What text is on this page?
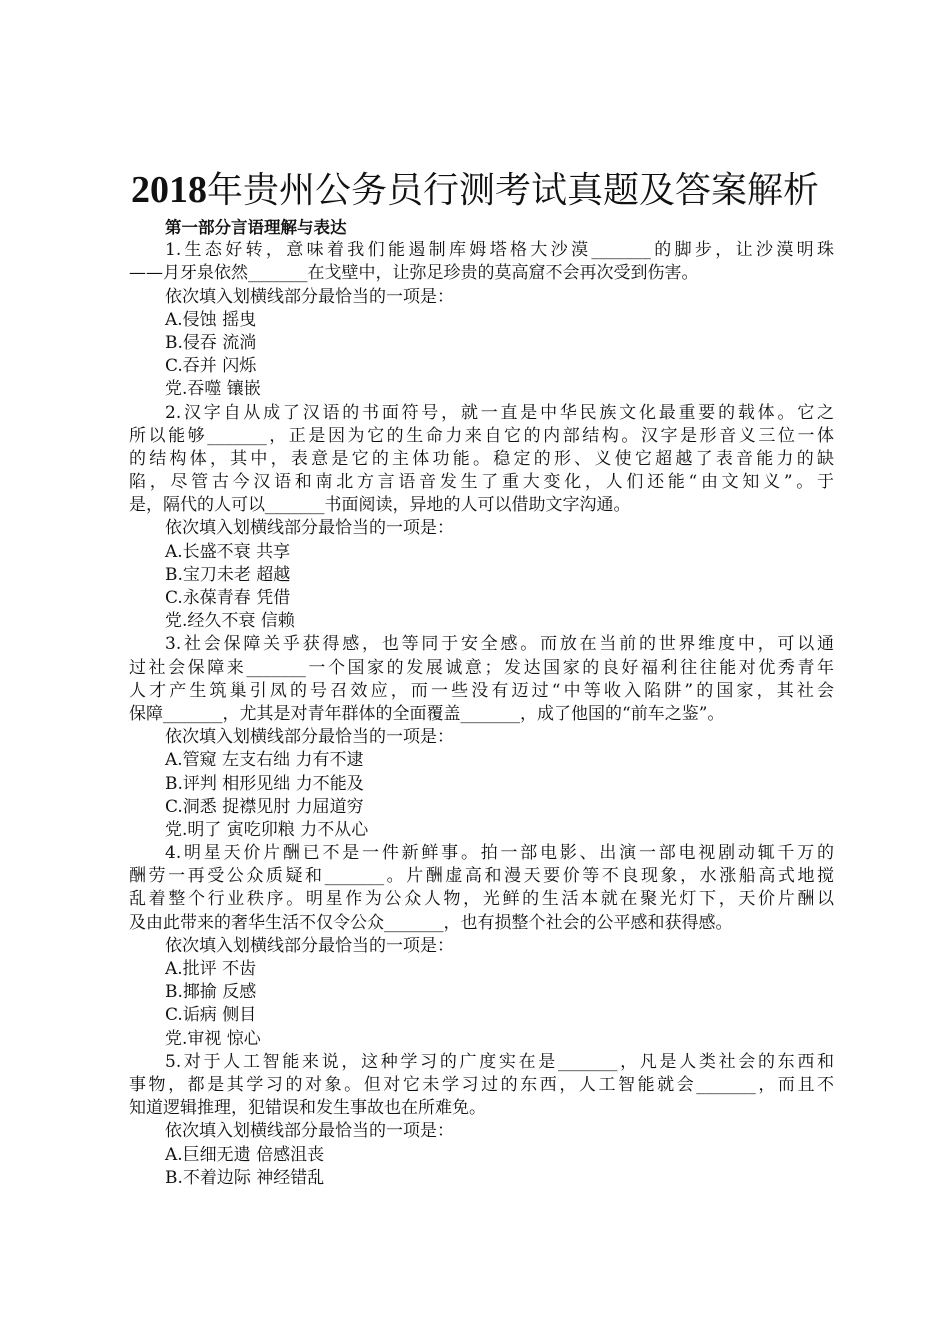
2018年贵州公务员行测考试真题及答案解析
第一部分言语理解与表达
1.生态好转，意味着我们能遏制库姆塔格大沙漠_______的脚步，让沙漠明珠
——月牙泉依然_______在戈壁中，让弥足珍贵的莫高窟不会再次受到伤害。
依次填入划横线部分最恰当的一项是：
A.侵蚀 摇曳
B.侵吞 流淌
C.吞并 闪烁
党.吞噬 镶嵌
2.汉字自从成了汉语的书面符号，就一直是中华民族文化最重要的载体。它之
所以能够_______，正是因为它的生命力来自它的内部结构。汉字是形音义三位一体
的结构体，其中，表意是它的主体功能。稳定的形、义使它超越了表音能力的缺
陷，尽管古今汉语和南北方言语音发生了重大变化，人们还能“由文知义”。于
是，隔代的人可以_______书面阅读，异地的人可以借助文字沟通。
依次填入划横线部分最恰当的一项是：
A.长盛不衰 共享
B.宝刀未老 超越
C.永葆青春 凭借
党.经久不衰 信赖
3.社会保障关乎获得感，也等同于安全感。而放在当前的世界维度中，可以通
过社会保障来_______一个国家的发展诚意；发达国家的良好福利往往能对优秀青年
人才产生筑巢引凤的号召效应，而一些没有迈过“中等收入陷阱”的国家，其社会
保障_______，尤其是对青年群体的全面覆盖_______，成了他国的“前车之鉴”。
依次填入划横线部分最恰当的一项是：
A.管窥 左支右绌 力有不逮
B.评判 相形见绌 力不能及
C.洞悉 捉襟见肘 力屈道穷
党.明了 寅吃卯粮 力不从心
4.明星天价片酬已不是一件新鲜事。拍一部电影、出演一部电视剧动辄千万的
酬劳一再受公众质疑和_______。片酬虚高和漫天要价等不良现象，水涨船高式地搅
乱着整个行业秩序。明星作为公众人物，光鲜的生活本就在聚光灯下，天价片酬以
及由此带来的奢华生活不仅令公众_______，也有损整个社会的公平感和获得感。
依次填入划横线部分最恰当的一项是：
A.批评 不齿
B.揶揄 反感
C.诟病 侧目
党.审视 惊心
5.对于人工智能来说，这种学习的广度实在是_______，凡是人类社会的东西和
事物，都是其学习的对象。但对它未学习过的东西，人工智能就会_______，而且不
知道逻辑推理，犯错误和发生事故也在所难免。
依次填入划横线部分最恰当的一项是：
A.巨细无遗 倍感沮丧
B.不着边际 神经错乱
